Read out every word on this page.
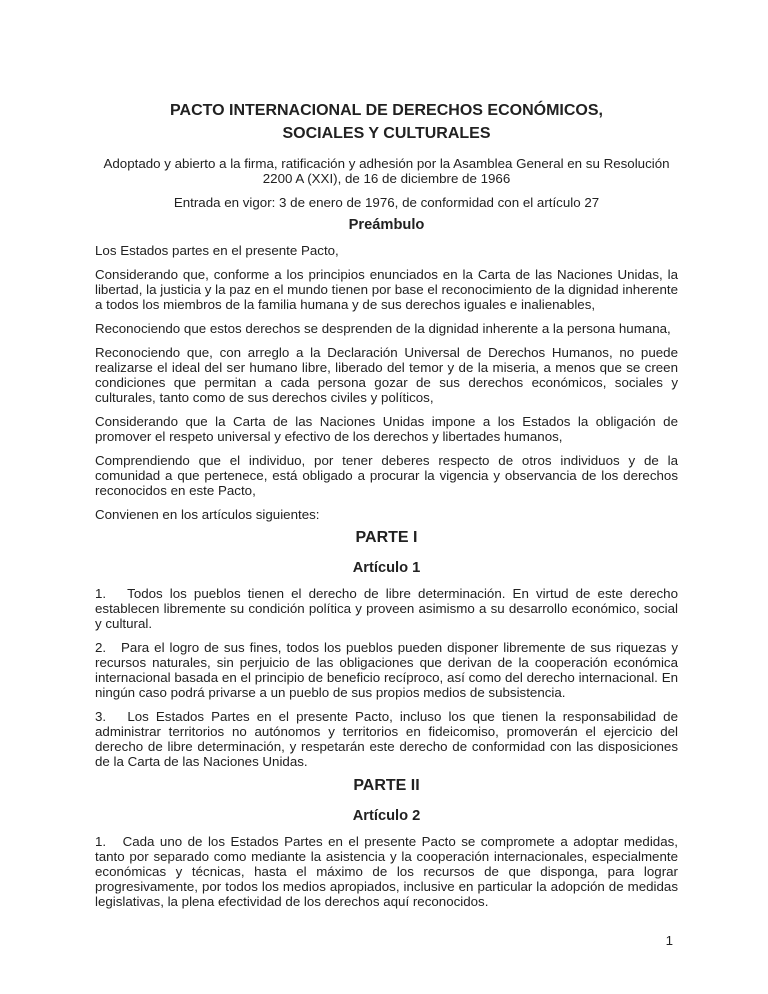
PACTO INTERNACIONAL DE DERECHOS ECONÓMICOS,
SOCIALES Y CULTURALES
Adoptado y abierto a la firma, ratificación y adhesión por la Asamblea General en su Resolución
2200 A (XXI), de 16 de diciembre de 1966
Entrada en vigor: 3 de enero de 1976, de conformidad con el artículo 27
Preámbulo

Los Estados partes en el presente Pacto,

Considerando que, conforme a los principios enunciados en la Carta de las Naciones Unidas, la libertad, la justicia y la paz en el mundo tienen por base el reconocimiento de la dignidad inherente a todos los miembros de la familia humana y de sus derechos iguales e inalienables,

Reconociendo que estos derechos se desprenden de la dignidad inherente a la persona humana,

Reconociendo que, con arreglo a la Declaración Universal de Derechos Humanos, no puede realizarse el ideal del ser humano libre, liberado del temor y de la miseria, a menos que se creen condiciones que permitan a cada persona gozar de sus derechos económicos, sociales y culturales, tanto como de sus derechos civiles y políticos,

Considerando que la Carta de las Naciones Unidas impone a los Estados la obligación de promover el respeto universal y efectivo de los derechos y libertades humanos,

Comprendiendo que el individuo, por tener deberes respecto de otros individuos y de la comunidad a que pertenece, está obligado a procurar la vigencia y observancia de los derechos reconocidos en este Pacto,

Convienen en los artículos siguientes:

PARTE I
Artículo 1

1.   Todos los pueblos tienen el derecho de libre determinación. En virtud de este derecho establecen libremente su condición política y proveen asimismo a su desarrollo económico, social y cultural.

2.   Para el logro de sus fines, todos los pueblos pueden disponer libremente de sus riquezas y recursos naturales, sin perjuicio de las obligaciones que derivan de la cooperación económica internacional basada en el principio de beneficio recíproco, así como del derecho internacional. En ningún caso podrá privarse a un pueblo de sus propios medios de subsistencia.

3.   Los Estados Partes en el presente Pacto, incluso los que tienen la responsabilidad de administrar territorios no autónomos y territorios en fideicomiso, promoverán el ejercicio del derecho de libre determinación, y respetarán este derecho de conformidad con las disposiciones de la Carta de las Naciones Unidas.

PARTE II
Artículo 2

1.   Cada uno de los Estados Partes en el presente Pacto se compromete a adoptar medidas, tanto por separado como mediante la asistencia y la cooperación internacionales, especialmente económicas y técnicas, hasta el máximo de los recursos de que disponga, para lograr progresivamente, por todos los medios apropiados, inclusive en particular la adopción de medidas legislativas, la plena efectividad de los derechos aquí reconocidos.

1
